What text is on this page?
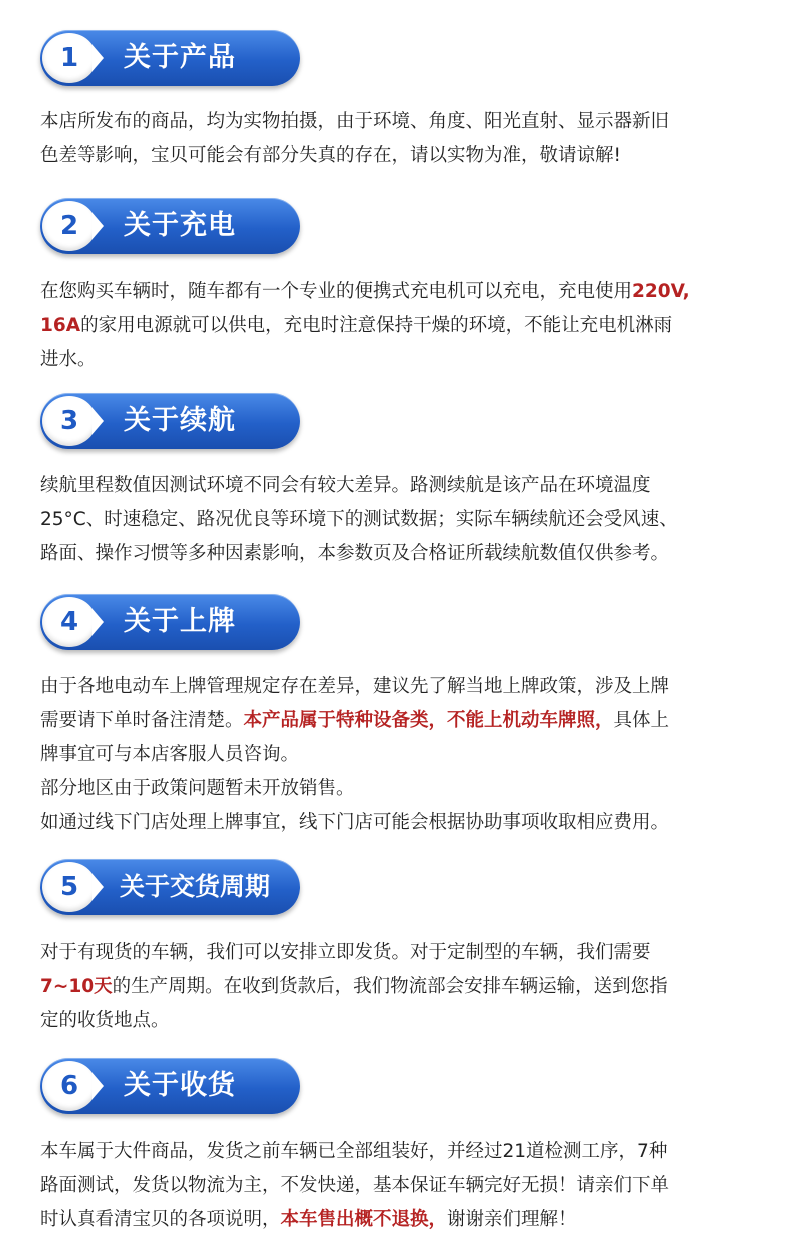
1	关于产品

本店所发布的商品，均为实物拍摄，由于环境、角度、阳光直射、显示器新旧

色差等影响，宝贝可能会有部分失真的存在，请以实物为准，敬请谅解!

2	关于充电

在您购买车辆时，随车都有一个专业的便携式充电机可以充电，充电使用220V,

16A的家用电源就可以供电，充电时注意保持干燥的环境，不能让充电机淋雨

进水。

3	关于续航

续航里程数值因测试环境不同会有较大差异。路测续航是该产品在环境温度

25°C、时速稳定、路况优良等环境下的测试数据；实际车辆续航还会受风速、

路面、操作习惯等多种因素影响，本参数页及合格证所载续航数值仅供参考。

4	关于上牌

由于各地电动车上牌管理规定存在差异，建议先了解当地上牌政策，涉及上牌

需要请下单时备注清楚。本产品属于特种设备类，不能上机动车牌照，具体上

牌事宜可与本店客服人员咨询。

部分地区由于政策问题暂未开放销售。

如通过线下门店处理上牌事宜，线下门店可能会根据协助事项收取相应费用。

5	关于交货周期

对于有现货的车辆，我们可以安排立即发货。对于定制型的车辆，我们需要

7~10天的生产周期。在收到货款后，我们物流部会安排车辆运输，送到您指

定的收货地点。

6	关于收货

本车属于大件商品，发货之前车辆已全部组装好，并经过21道检测工序，7种

路面测试，发货以物流为主，不发快递，基本保证车辆完好无损！请亲们下单

时认真看清宝贝的各项说明，本车售出概不退换，谢谢亲们理解！
